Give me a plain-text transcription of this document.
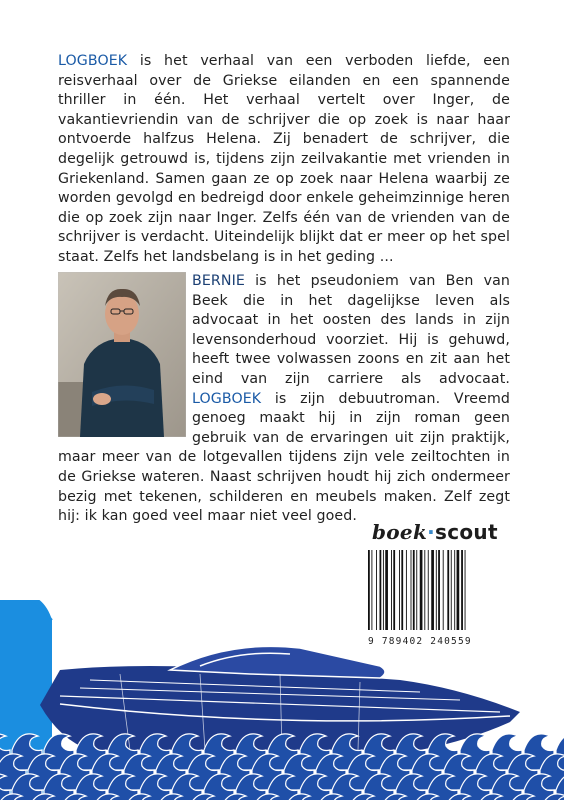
LOGBOEK is het verhaal van een verboden liefde, een reisverhaal over de Griekse eilanden en een spannende thriller in één. Het verhaal vertelt over Inger, de vakantievriendin van de schrijver die op zoek is naar haar ontvoerde halfzus Helena. Zij benadert de schrijver, die degelijk getrouwd is, tijdens zijn zeilvakantie met vrienden in Griekenland. Samen gaan ze op zoek naar Helena waarbij ze worden gevolgd en bedreigd door enkele geheimzinnige heren die op zoek zijn naar Inger. Zelfs één van de vrienden van de schrijver is verdacht. Uiteindelijk blijkt dat er meer op het spel staat. Zelfs het landsbelang is in het geding ...
BERNIE is het pseudoniem van Ben van Beek die in het dagelijkse leven als advocaat in het oosten des lands in zijn levensonderhoud voorziet. Hij is gehuwd, heeft twee volwassen zoons en zit aan het eind van zijn carriere als advocaat. LOGBOEK is zijn debuutroman. Vreemd genoeg maakt hij in zijn roman geen gebruik van de ervaringen uit zijn praktijk, maar meer van de lotgevallen tijdens zijn vele zeiltochten in de Griekse wateren. Naast schrijven houdt hij zich ondermeer bezig met tekenen, schilderen en meubels maken. Zelf zegt hij: ik kan goed veel maar niet veel goed.
boek·scout
9 789402 240559
